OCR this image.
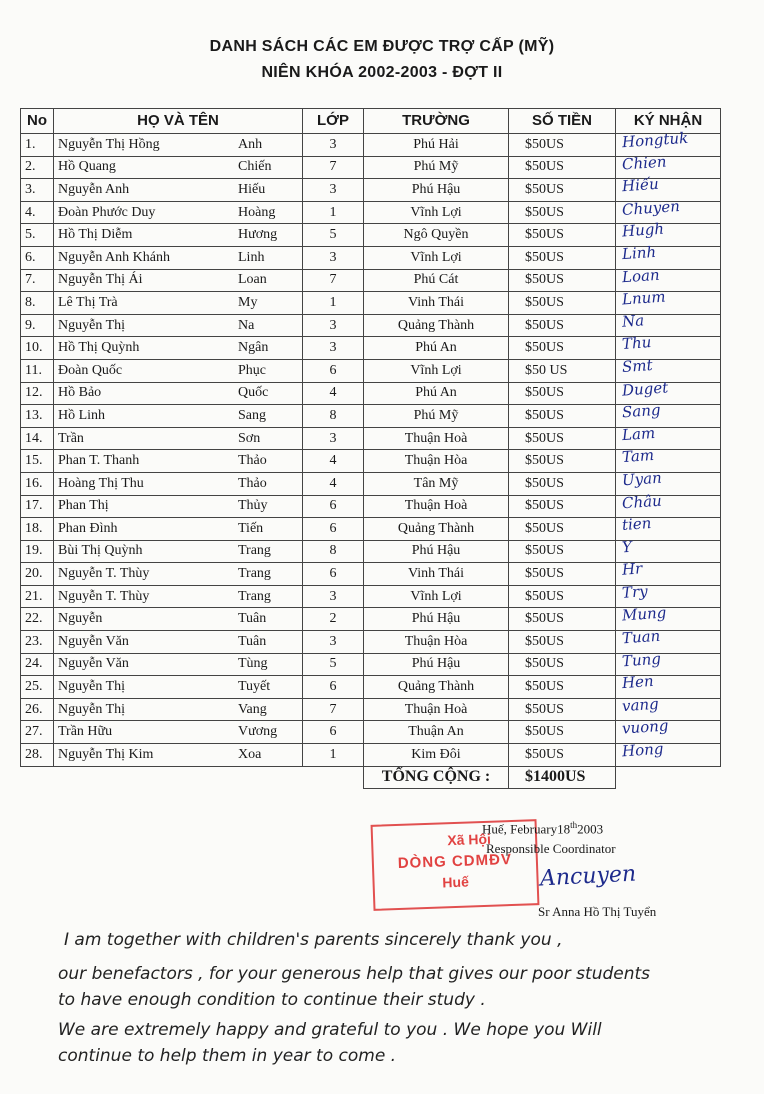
DANH SÁCH CÁC EM ĐƯỢC TRỢ CẤP (MỸ)
NIÊN KHÓA 2002-2003 - ĐỢT II
No	HỌ VÀ TÊN		LỚP	TRƯỜNG	SỐ TIỀN	KÝ NHẬN
1.	Nguyễn Thị Hồng	Anh	3	Phú Hải	$50US	Hongtuk

2.	Hồ Quang	Chiến	7	Phú Mỹ	$50US	Chien

3.	Nguyễn Anh	Hiếu	3	Phú Hậu	$50US	Hiếu

4.	Đoàn Phước Duy	Hoàng	1	Vĩnh Lợi	$50US	Chuyen

5.	Hồ Thị Diễm	Hương	5	Ngô Quyền	$50US	Hugh

6.	Nguyễn Anh Khánh	Linh	3	Vĩnh Lợi	$50US	Linh

7.	Nguyễn Thị Ái	Loan	7	Phú Cát	$50US	Loan

8.	Lê Thị Trà	My	1	Vinh Thái	$50US	Lnum

9.	Nguyễn Thị	Na	3	Quảng Thành	$50US	Na

10.	Hồ Thị Quỳnh	Ngân	3	Phú An	$50US	Thu

11.	Đoàn Quốc	Phục	6	Vĩnh Lợi	$50 US	Smt

12.	Hồ Bảo	Quốc	4	Phú An	$50US	Duget

13.	Hồ Linh	Sang	8	Phú Mỹ	$50US	Sang

14.	Trần	Sơn	3	Thuận Hoà	$50US	Lam

15.	Phan T. Thanh	Thảo	4	Thuận Hòa	$50US	Tam

16.	Hoàng Thị Thu	Thảo	4	Tân Mỹ	$50US	Uyan

17.	Phan Thị	Thủy	6	Thuận Hoà	$50US	Châu

18.	Phan Đình	Tiến	6	Quảng Thành	$50US	tien

19.	Bùi Thị Quỳnh	Trang	8	Phú Hậu	$50US	Y

20.	Nguyễn T. Thùy	Trang	6	Vinh Thái	$50US	Hr

21.	Nguyễn T. Thùy	Trang	3	Vĩnh Lợi	$50US	Try

22.	Nguyễn	Tuân	2	Phú Hậu	$50US	Mung

23.	Nguyễn Văn	Tuân	3	Thuận Hòa	$50US	Tuan

24.	Nguyễn Văn	Tùng	5	Phú Hậu	$50US	Tung

25.	Nguyễn Thị	Tuyết	6	Quảng Thành	$50US	Hen

26.	Nguyễn Thị	Vang	7	Thuận Hoà	$50US	vang

27.	Trần Hữu	Vương	6	Thuận An	$50US	vuong

28.	Nguyễn Thị Kim	Xoa	1	Kim Đôi	$50US	Hong

				TỔNG CỘNG :	$1400US	
Xã Hội
DÒNG CDMĐV
Huế
Huế, February18th2003
Responsible Coordinator
Ancuyen
Sr Anna Hồ Thị Tuyển
I am together with children's parents sincerely thank you ,
our benefactors , for your generous help that gives our poor students
to have enough condition to continue their study .
We are extremely happy and grateful to you . We hope you Will
continue to help them in year to come .
